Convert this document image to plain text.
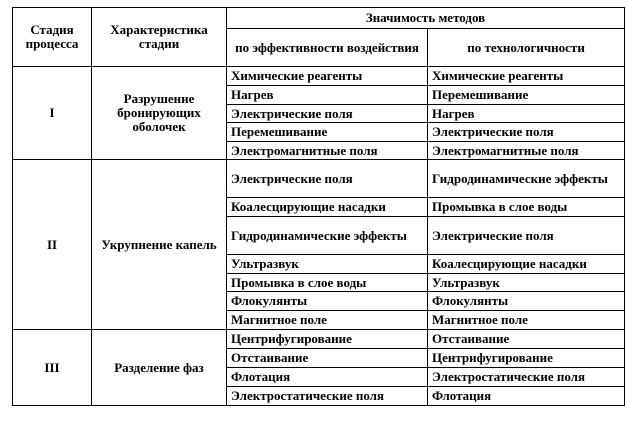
Стадия процесса	Характеристика стадии	Значимость методов	
		по эффективности воздействия	по технологичности
I	Разрушение бронирующих оболочек	Химические реагенты	Химические реагенты
		Нагрев	Перемешивание
		Электрические поля	Нагрев
		Перемешивание	Электрические поля
		Электромагнитные поля	Электромагнитные поля
II	Укрупнение капель	Электрические поля	Гидродинамические эффекты
		Коалесцирующие насадки	Промывка в слое воды
		Гидродинамические эффекты	Электрические поля
		Ультразвук	Коалесцирующие насадки
		Промывка в слое воды	Ультразвук
		Флокулянты	Флокулянты
		Магнитное поле	Магнитное поле
III	Разделение фаз	Центрифугирование	Отстаивание
		Отстаивание	Центрифугирование
		Флотация	Электростатические поля
		Электростатические поля	Флотация
